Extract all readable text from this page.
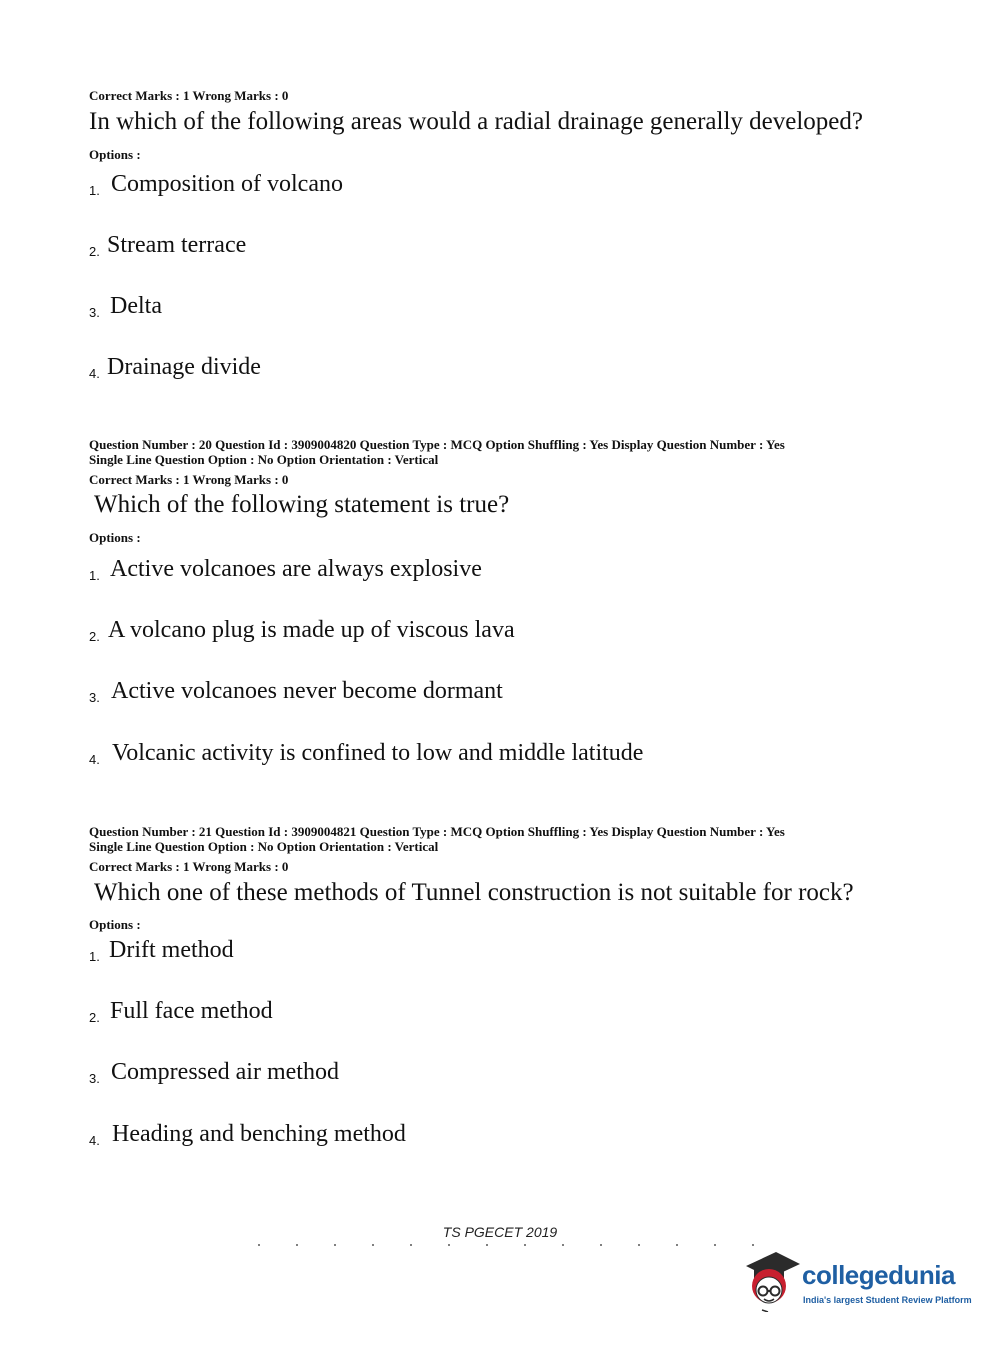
Correct Marks : 1 Wrong Marks : 0

In which of the following areas would a radial drainage generally developed?

Options :

1. Composition of volcano
2. Stream terrace
3. Delta
4. Drainage divide

Question Number : 20 Question Id : 3909004820 Question Type : MCQ Option Shuffling : Yes Display Question Number : Yes

Single Line Question Option : No Option Orientation : Vertical

Correct Marks : 1 Wrong Marks : 0

Which of the following statement is true?

Options :

1. Active volcanoes are always explosive
2. A volcano plug is made up of viscous lava
3. Active volcanoes never become dormant
4. Volcanic activity is confined to low and middle latitude

Question Number : 21 Question Id : 3909004821 Question Type : MCQ Option Shuffling : Yes Display Question Number : Yes

Single Line Question Option : No Option Orientation : Vertical

Correct Marks : 1 Wrong Marks : 0

Which one of these methods of Tunnel construction is not suitable for rock?

Options :

1. Drift method
2. Full face method
3. Compressed air method
4. Heading and benching method
TS PGECET 2019
collegedunia
India's largest Student Review Platform
